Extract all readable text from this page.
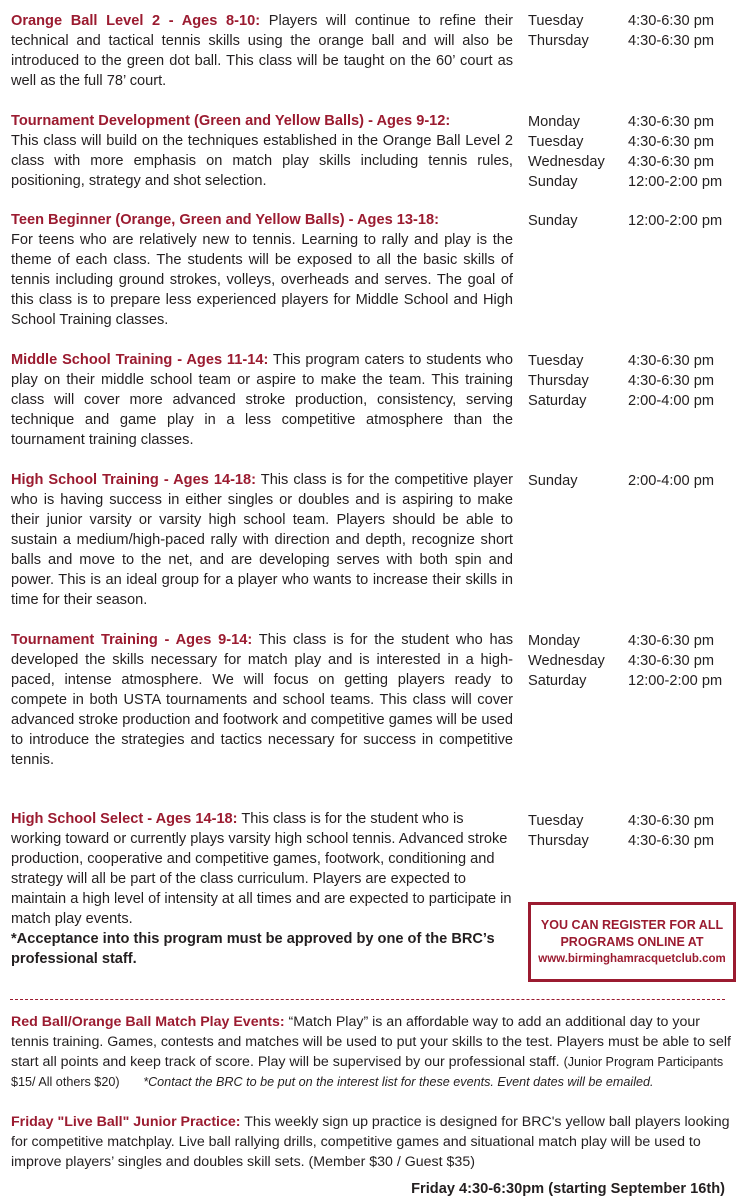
Orange Ball Level 2 - Ages 8-10: Players will continue to refine their technical and tactical tennis skills using the orange ball and will also be introduced to the green dot ball. This class will be taught on the 60’ court as well as the full 78’ court.
Tuesday	4:30-6:30 pm
Thursday	4:30-6:30 pm
Tournament Development (Green and Yellow Balls) - Ages 9-12:
This class will build on the techniques established in the Orange Ball Level 2 class with more emphasis on match play skills including tennis rules, positioning, strategy and shot selection.
Monday	4:30-6:30 pm
Tuesday	4:30-6:30 pm
Wednesday	4:30-6:30 pm
Sunday	12:00-2:00 pm
Teen Beginner (Orange, Green and Yellow Balls) - Ages 13-18:
For teens who are relatively new to tennis. Learning to rally and play is the theme of each class. The students will be exposed to all the basic skills of tennis including ground strokes, volleys, overheads and serves. The goal of this class is to prepare less experienced players for Middle School and High School Training classes.
Sunday	12:00-2:00 pm
Middle School Training - Ages 11-14: This program caters to students who play on their middle school team or aspire to make the team. This training class will cover more advanced stroke production, consistency, serving technique and game play in a less competitive atmosphere than the tournament training classes.
Tuesday	4:30-6:30 pm
Thursday	4:30-6:30 pm
Saturday	2:00-4:00 pm
High School Training - Ages 14-18: This class is for the competitive player who is having success in either singles or doubles and is aspiring to make their junior varsity or varsity high school team. Players should be able to sustain a medium/high-paced rally with direction and depth, recognize short balls and move to the net, and are developing serves with both spin and power. This is an ideal group for a player who wants to increase their skills in time for their season.
Sunday	2:00-4:00 pm
Tournament Training - Ages 9-14: This class is for the student who has developed the skills necessary for match play and is interested in a high-paced, intense atmosphere. We will focus on getting players ready to compete in both USTA tournaments and school teams. This class will cover advanced stroke production and footwork and competitive games will be used to introduce the strategies and tactics necessary for success in competitive tennis.
Monday	4:30-6:30 pm
Wednesday	4:30-6:30 pm
Saturday	12:00-2:00 pm
High School Select - Ages 14-18: This class is for the student who is working toward or currently plays varsity high school tennis. Advanced stroke production, cooperative and competitive games, footwork, conditioning and strategy will all be part of the class curriculum. Players are expected to maintain a high level of intensity at all times and are expected to participate in match play events.
*Acceptance into this program must be approved by one of the BRC’s professional staff.
Tuesday	4:30-6:30 pm
Thursday	4:30-6:30 pm
YOU CAN REGISTER FOR ALL
PROGRAMS ONLINE AT
www.birminghamracquetclub.com
Red Ball/Orange Ball Match Play Events: “Match Play” is an affordable way to add an additional day to your tennis training. Games, contests and matches will be used to put your skills to the test. Players must be able to self start all points and keep track of score. Play will be supervised by our professional staff. (Junior Program Participants $15/ All others $20) *Contact the BRC to be put on the interest list for these events. Event dates will be emailed.
Friday "Live Ball" Junior Practice: This weekly sign up practice is designed for BRC's yellow ball players looking for competitive matchplay. Live ball rallying drills, competitive games and situational match play will be used to improve players’ singles and doubles skill sets. (Member $30 / Guest $35)
Friday 4:30-6:30pm (starting September 16th)
